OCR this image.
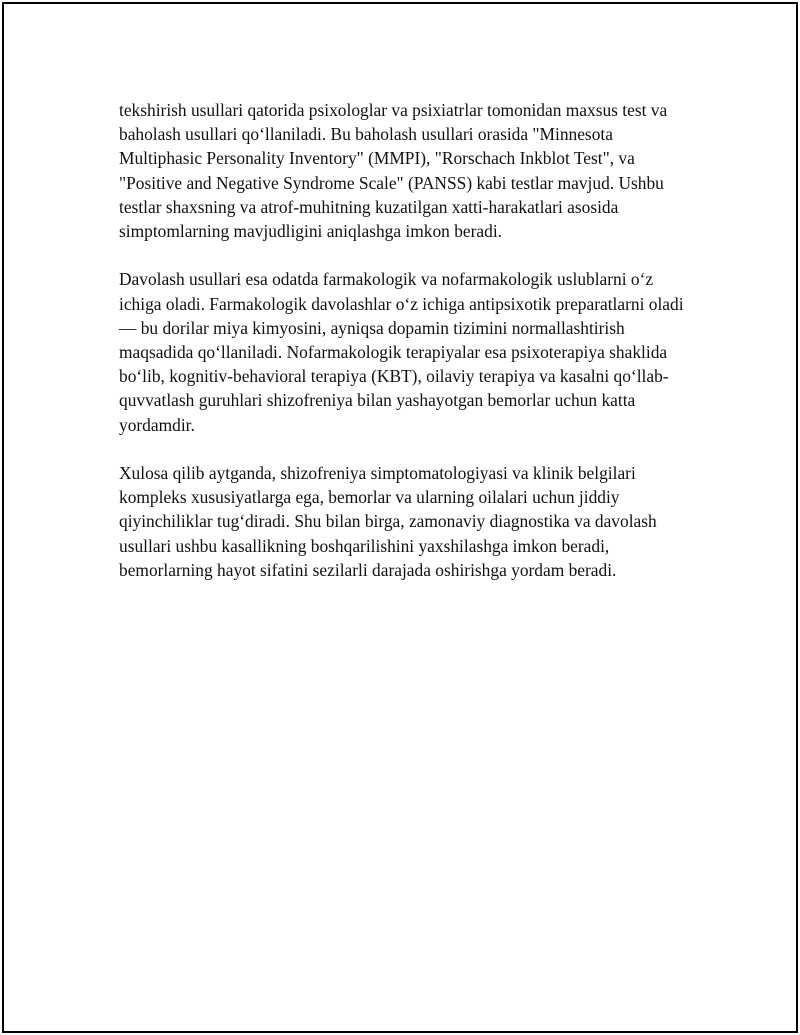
tekshirish usullari qatorida psixologlar va psixiatrlar tomonidan maxsus test va baholash usullari qo‘llaniladi. Bu baholash usullari orasida "Minnesota Multiphasic Personality Inventory" (MMPI), "Rorschach Inkblot Test", va "Positive and Negative Syndrome Scale" (PANSS) kabi testlar mavjud. Ushbu testlar shaxsning va atrof-muhitning kuzatilgan xatti-harakatlari asosida simptomlarning mavjudligini aniqlashga imkon beradi.

Davolash usullari esa odatda farmakologik va nofarmakologik uslublarni o‘z ichiga oladi. Farmakologik davolashlar o‘z ichiga antipsixotik preparatlarni oladi — bu dorilar miya kimyosini, ayniqsa dopamin tizimini normallashtirish maqsadida qo‘llaniladi. Nofarmakologik terapiyalar esa psixoterapiya shaklida bo‘lib, kognitiv-behavioral terapiya (KBT), oilaviy terapiya va kasalni qo‘llab-quvvatlash guruhlari shizofreniya bilan yashayotgan bemorlar uchun katta yordamdir.

Xulosa qilib aytganda, shizofreniya simptomatologiyasi va klinik belgilari kompleks xususiyatlarga ega, bemorlar va ularning oilalari uchun jiddiy qiyinchiliklar tug‘diradi. Shu bilan birga, zamonaviy diagnostika va davolash usullari ushbu kasallikning boshqarilishini yaxshilashga imkon beradi, bemorlarning hayot sifatini sezilarli darajada oshirishga yordam beradi.
